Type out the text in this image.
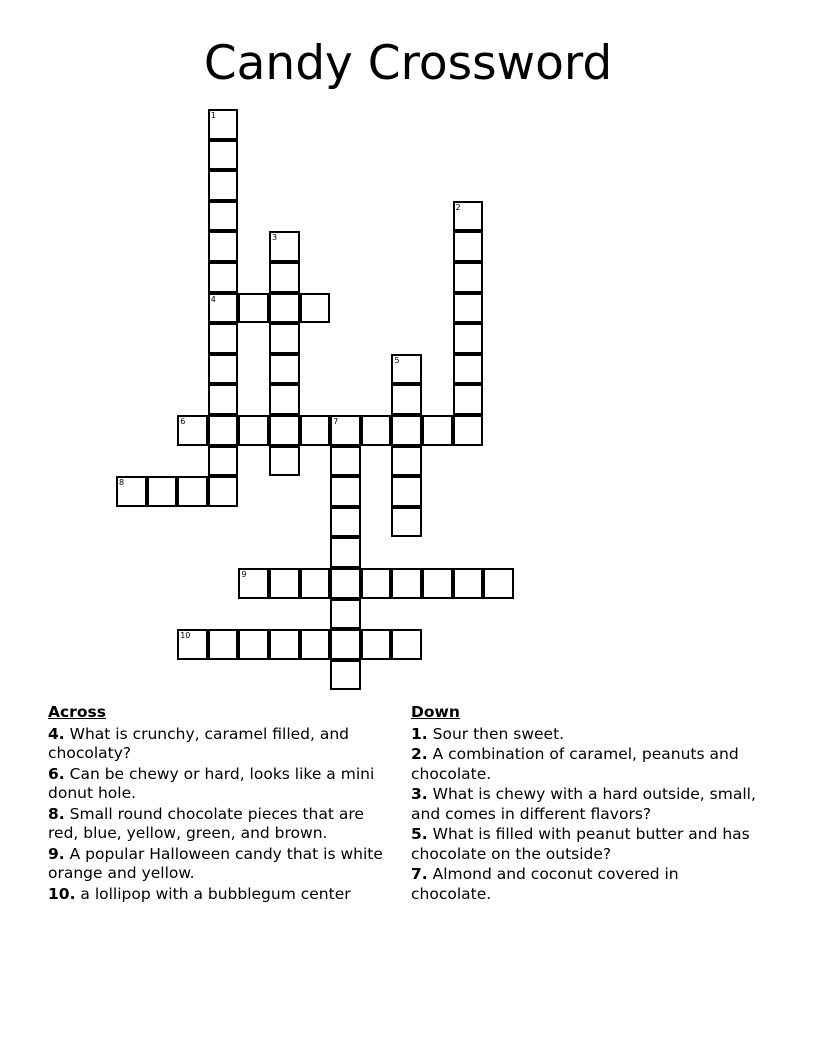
Candy Crossword
1
4
2
3
5
6	7
8
9
10
Across
4. What is crunchy, caramel filled, and chocolaty?
6. Can be chewy or hard, looks like a mini donut hole.
8. Small round chocolate pieces that are red, blue, yellow, green, and brown.
9. A popular Halloween candy that is white orange and yellow.
10. a lollipop with a bubblegum center
Down
1. Sour then sweet.
2. A combination of caramel, peanuts and chocolate.
3. What is chewy with a hard outside, small, and comes in different flavors?
5. What is filled with peanut butter and has chocolate on the outside?
7. Almond and coconut covered in chocolate.
